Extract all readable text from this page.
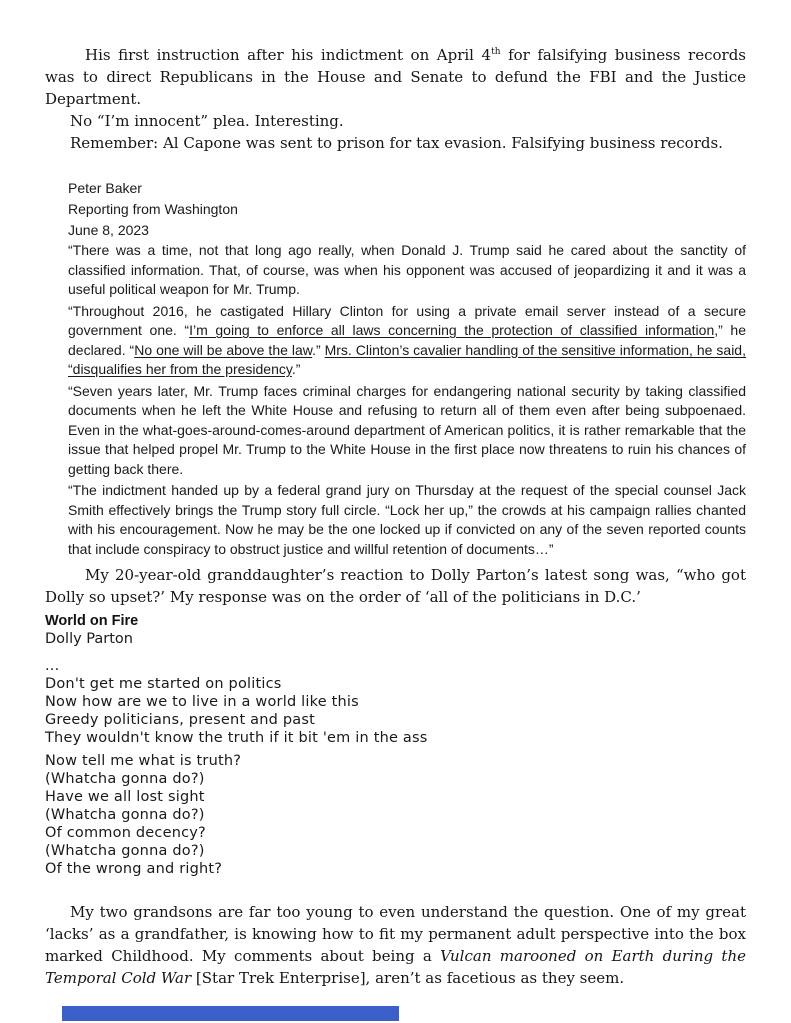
His first instruction after his indictment on April 4th for falsifying business records was to direct Republicans in the House and Senate to defund the FBI and the Justice Department.

No “I’m innocent” plea. Interesting.

Remember: Al Capone was sent to prison for tax evasion. Falsifying business records.

Peter Baker

Reporting from Washington

June 8, 2023

“There was a time, not that long ago really, when Donald J. Trump said he cared about the sanctity of classified information. That, of course, was when his opponent was accused of jeopardizing it and it was a useful political weapon for Mr. Trump.

“Throughout 2016, he castigated Hillary Clinton for using a private email server instead of a secure government one. “I’m going to enforce all laws concerning the protection of classified information,” he declared. “No one will be above the law.” Mrs. Clinton’s cavalier handling of the sensitive information, he said, “disqualifies her from the presidency.”

“Seven years later, Mr. Trump faces criminal charges for endangering national security by taking classified documents when he left the White House and refusing to return all of them even after being subpoenaed. Even in the what-goes-around-comes-around department of American politics, it is rather remarkable that the issue that helped propel Mr. Trump to the White House in the first place now threatens to ruin his chances of getting back there.

“The indictment handed up by a federal grand jury on Thursday at the request of the special counsel Jack Smith effectively brings the Trump story full circle. “Lock her up,” the crowds at his campaign rallies chanted with his encouragement. Now he may be the one locked up if convicted on any of the seven reported counts that include conspiracy to obstruct justice and willful retention of documents…”

My 20-year-old granddaughter’s reaction to Dolly Parton’s latest song was, “who got Dolly so upset?’ My response was on the order of ‘all of the politicians in D.C.’

World on Fire
Dolly Parton
...
Don't get me started on politics
Now how are we to live in a world like this
Greedy politicians, present and past
They wouldn't know the truth if it bit 'em in the ass
Now tell me what is truth?
(Whatcha gonna do?)
Have we all lost sight
(Whatcha gonna do?)
Of common decency?
(Whatcha gonna do?)
Of the wrong and right?

My two grandsons are far too young to even understand the question. One of my great ‘lacks’ as a grandfather, is knowing how to fit my permanent adult perspective into the box marked Childhood. My comments about being a Vulcan marooned on Earth during the Temporal Cold War [Star Trek Enterprise], aren’t as facetious as they seem.
